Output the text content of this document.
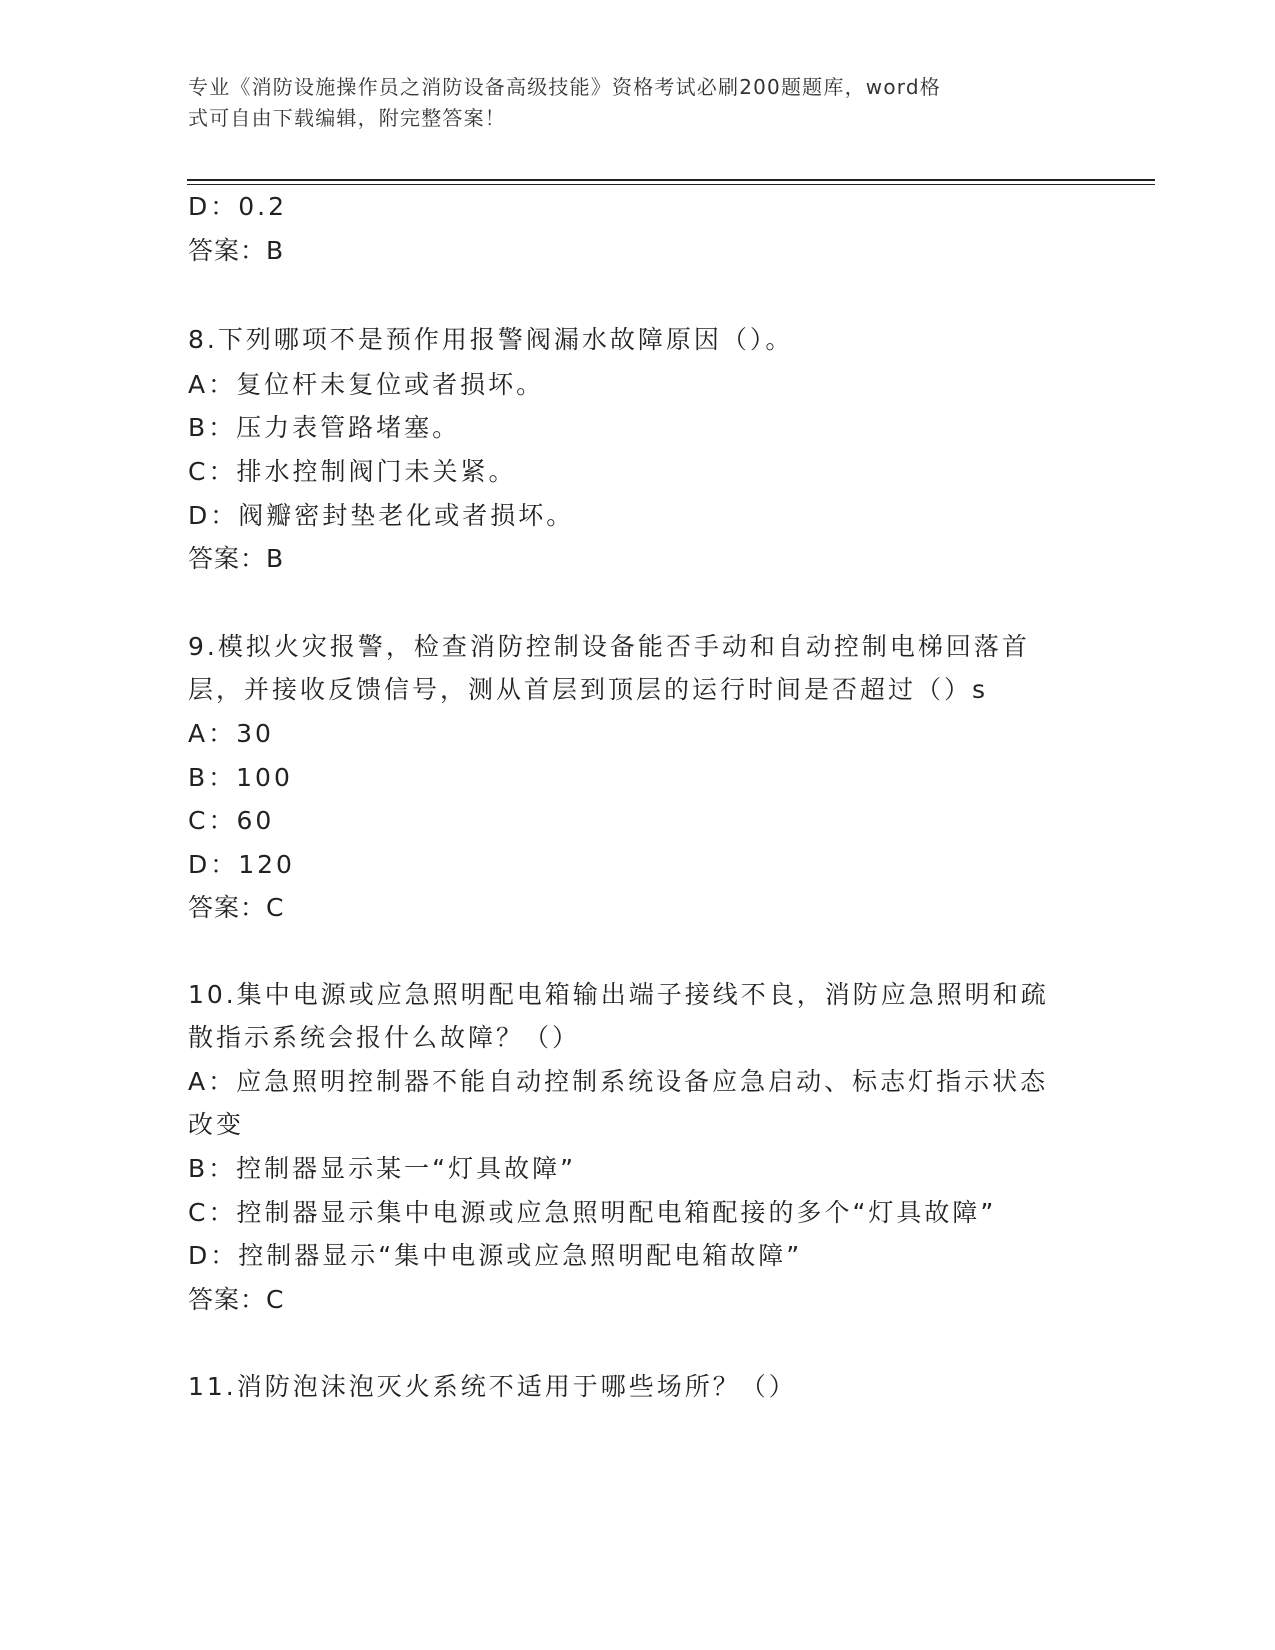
专业《消防设施操作员之消防设备高级技能》资格考试必刷200题题库，word格
式可自由下载编辑，附完整答案！
D：0.2
答案：B
8.下列哪项不是预作用报警阀漏水故障原因（）。
A：复位杆未复位或者损坏。
B：压力表管路堵塞。
C：排水控制阀门未关紧。
D：阀瓣密封垫老化或者损坏。
答案：B
9.模拟火灾报警，检查消防控制设备能否手动和自动控制电梯回落首
层，并接收反馈信号，测从首层到顶层的运行时间是否超过（）s
A：30
B：100
C：60
D：120
答案：C
10.集中电源或应急照明配电箱输出端子接线不良，消防应急照明和疏
散指示系统会报什么故障？（）
A：应急照明控制器不能自动控制系统设备应急启动、标志灯指示状态
改变
B：控制器显示某一“灯具故障”
C：控制器显示集中电源或应急照明配电箱配接的多个“灯具故障”
D：控制器显示“集中电源或应急照明配电箱故障”
答案：C
11.消防泡沫泡灭火系统不适用于哪些场所？（）
